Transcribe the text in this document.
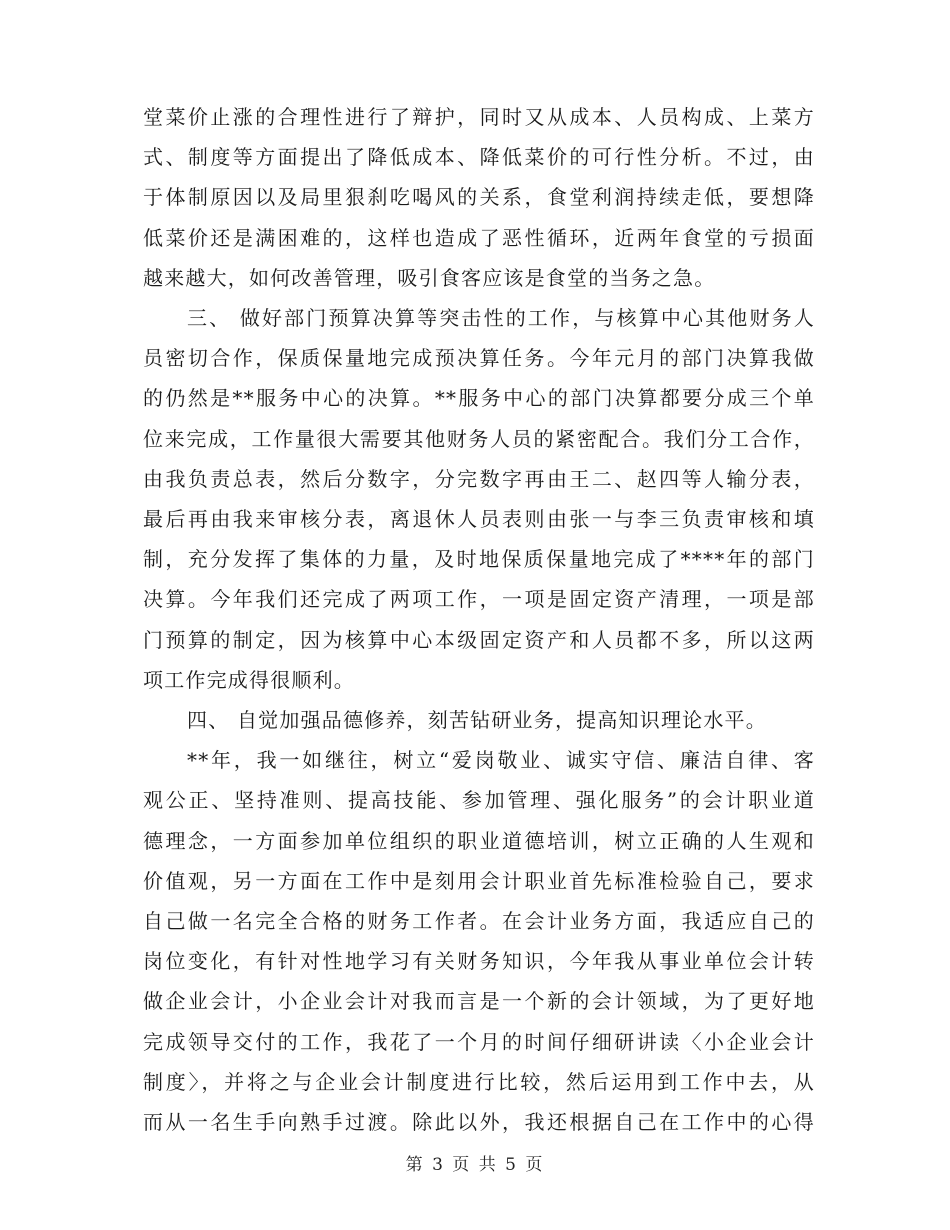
堂菜价止涨的合理性进行了辩护，同时又从成本、人员构成、上菜方
式、制度等方面提出了降低成本、降低菜价的可行性分析。不过，由
于体制原因以及局里狠刹吃喝风的关系，食堂利润持续走低，要想降
低菜价还是满困难的，这样也造成了恶性循环，近两年食堂的亏损面
越来越大，如何改善管理，吸引食客应该是食堂的当务之急。
三、 做好部门预算决算等突击性的工作，与核算中心其他财务人
员密切合作，保质保量地完成预决算任务。今年元月的部门决算我做
的仍然是**服务中心的决算。**服务中心的部门决算都要分成三个单
位来完成，工作量很大需要其他财务人员的紧密配合。我们分工合作，
由我负责总表，然后分数字，分完数字再由王二、赵四等人输分表，
最后再由我来审核分表，离退休人员表则由张一与李三负责审核和填
制，充分发挥了集体的力量，及时地保质保量地完成了****年的部门
决算。今年我们还完成了两项工作，一项是固定资产清理，一项是部
门预算的制定，因为核算中心本级固定资产和人员都不多，所以这两
项工作完成得很顺利。
四、 自觉加强品德修养，刻苦钻研业务，提高知识理论水平。
**年，我一如继往，树立“爱岗敬业、诚实守信、廉洁自律、客
观公正、坚持准则、提高技能、参加管理、强化服务”的会计职业道
德理念，一方面参加单位组织的职业道德培训，树立正确的人生观和
价值观，另一方面在工作中是刻用会计职业首先标准检验自己，要求
自己做一名完全合格的财务工作者。在会计业务方面，我适应自己的
岗位变化，有针对性地学习有关财务知识，今年我从事业单位会计转
做企业会计，小企业会计对我而言是一个新的会计领域，为了更好地
完成领导交付的工作，我花了一个月的时间仔细研讲读〈小企业会计
制度〉，并将之与企业会计制度进行比较，然后运用到工作中去，从
而从一名生手向熟手过渡。除此以外，我还根据自己在工作中的心得
第 3 页 共 5 页
